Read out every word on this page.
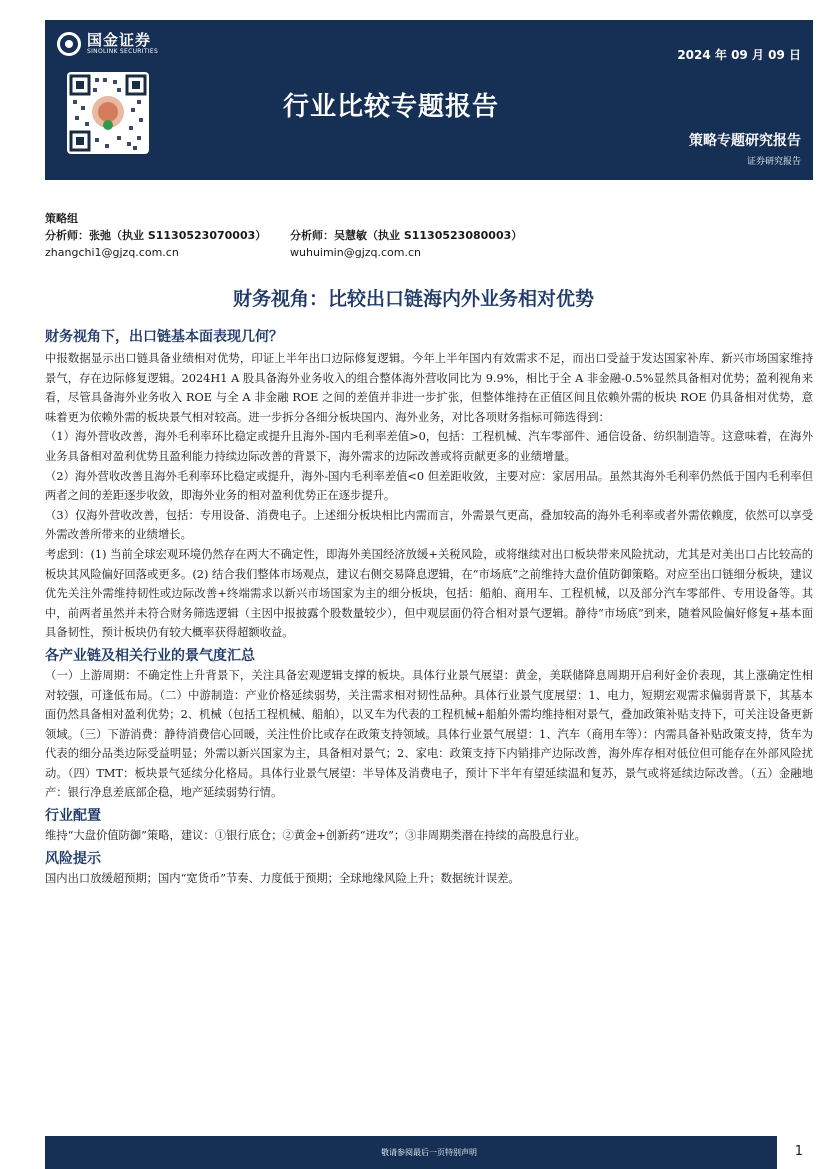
国金证券
SINOLINK SECURITIES	2024 年 09 月 09 日
行业比较专题报告
策略专题研究报告
证券研究报告
策略组
分析师：张弛（执业 S1130523070003）	分析师：吴慧敏（执业 S1130523080003）
zhangchi1@gjzq.com.cn	wuhuimin@gjzq.com.cn
财务视角：比较出口链海内外业务相对优势
财务视角下，出口链基本面表现几何？

中报数据显示出口链具备业绩相对优势，印证上半年出口边际修复逻辑。今年上半年国内有效需求不足，而出口受益于发达国家补库、新兴市场国家维持景气，存在边际修复逻辑。2024H1 A 股具备海外业务收入的组合整体海外营收同比为 9.9%，相比于全 A 非金融-0.5%显然具备相对优势；盈利视角来看，尽管具备海外业务收入 ROE 与全 A 非金融 ROE 之间的差值并非进一步扩张，但整体维持在正值区间且依赖外需的板块 ROE 仍具备相对优势，意味着更为依赖外需的板块景气相对较高。进一步拆分各细分板块国内、海外业务，对比各项财务指标可筛选得到：

（1）海外营收改善，海外毛利率环比稳定或提升且海外-国内毛利率差值>0，包括：工程机械、汽车零部件、通信设备、纺织制造等。这意味着，在海外业务具备相对盈利优势且盈利能力持续边际改善的背景下，海外需求的边际改善或将贡献更多的业绩增量。

（2）海外营收改善且海外毛利率环比稳定或提升，海外-国内毛利率差值<0 但差距收敛，主要对应：家居用品。虽然其海外毛利率仍然低于国内毛利率但两者之间的差距逐步收敛，即海外业务的相对盈利优势正在逐步提升。

（3）仅海外营收改善，包括：专用设备、消费电子。上述细分板块相比内需而言，外需景气更高，叠加较高的海外毛利率或者外需依赖度，依然可以享受外需改善所带来的业绩增长。

考虑到：(1) 当前全球宏观环境仍然存在两大不确定性，即海外美国经济放缓+关税风险，或将继续对出口板块带来风险扰动，尤其是对美出口占比较高的板块其风险偏好回落或更多。(2) 结合我们整体市场观点，建议右侧交易降息逻辑，在“市场底”之前维持大盘价值防御策略。对应至出口链细分板块，建议优先关注外需维持韧性或边际改善+终端需求以新兴市场国家为主的细分板块，包括：船舶、商用车、工程机械，以及部分汽车零部件、专用设备等。其中，前两者虽然并未符合财务筛选逻辑（主因中报披露个股数量较少），但中观层面仍符合相对景气逻辑。静待“市场底”到来，随着风险偏好修复+基本面具备韧性，预计板块仍有较大概率获得超额收益。

各产业链及相关行业的景气度汇总

（一）上游周期：不确定性上升背景下，关注具备宏观逻辑支撑的板块。具体行业景气展望：黄金，美联储降息周期开启利好金价表现，其上涨确定性相对较强，可逢低布局。（二）中游制造：产业价格延续弱势，关注需求相对韧性品种。具体行业景气度展望：1、电力，短期宏观需求偏弱背景下，其基本面仍然具备相对盈利优势；2、机械（包括工程机械、船舶），以叉车为代表的工程机械+船舶外需均维持相对景气，叠加政策补贴支持下，可关注设备更新领域。（三）下游消费：静待消费信心回暖，关注性价比或存在政策支持领域。具体行业景气展望：1、汽车（商用车等）：内需具备补贴政策支持，货车为代表的细分品类边际受益明显；外需以新兴国家为主，具备相对景气；2、家电：政策支持下内销排产边际改善，海外库存相对低位但可能存在外部风险扰动。（四）TMT：板块景气延续分化格局。具体行业景气展望：半导体及消费电子，预计下半年有望延续温和复苏，景气或将延续边际改善。（五）金融地产：银行净息差底部企稳，地产延续弱势行情。

行业配置

维持“大盘价值防御”策略，建议：①银行底仓；②黄金+创新药“进攻”；③非周期类潜在持续的高股息行业。

风险提示

国内出口放缓超预期；国内“宽货币”节奏、力度低于预期；全球地缘风险上升；数据统计误差。

敬请参阅最后一页特别声明	1
